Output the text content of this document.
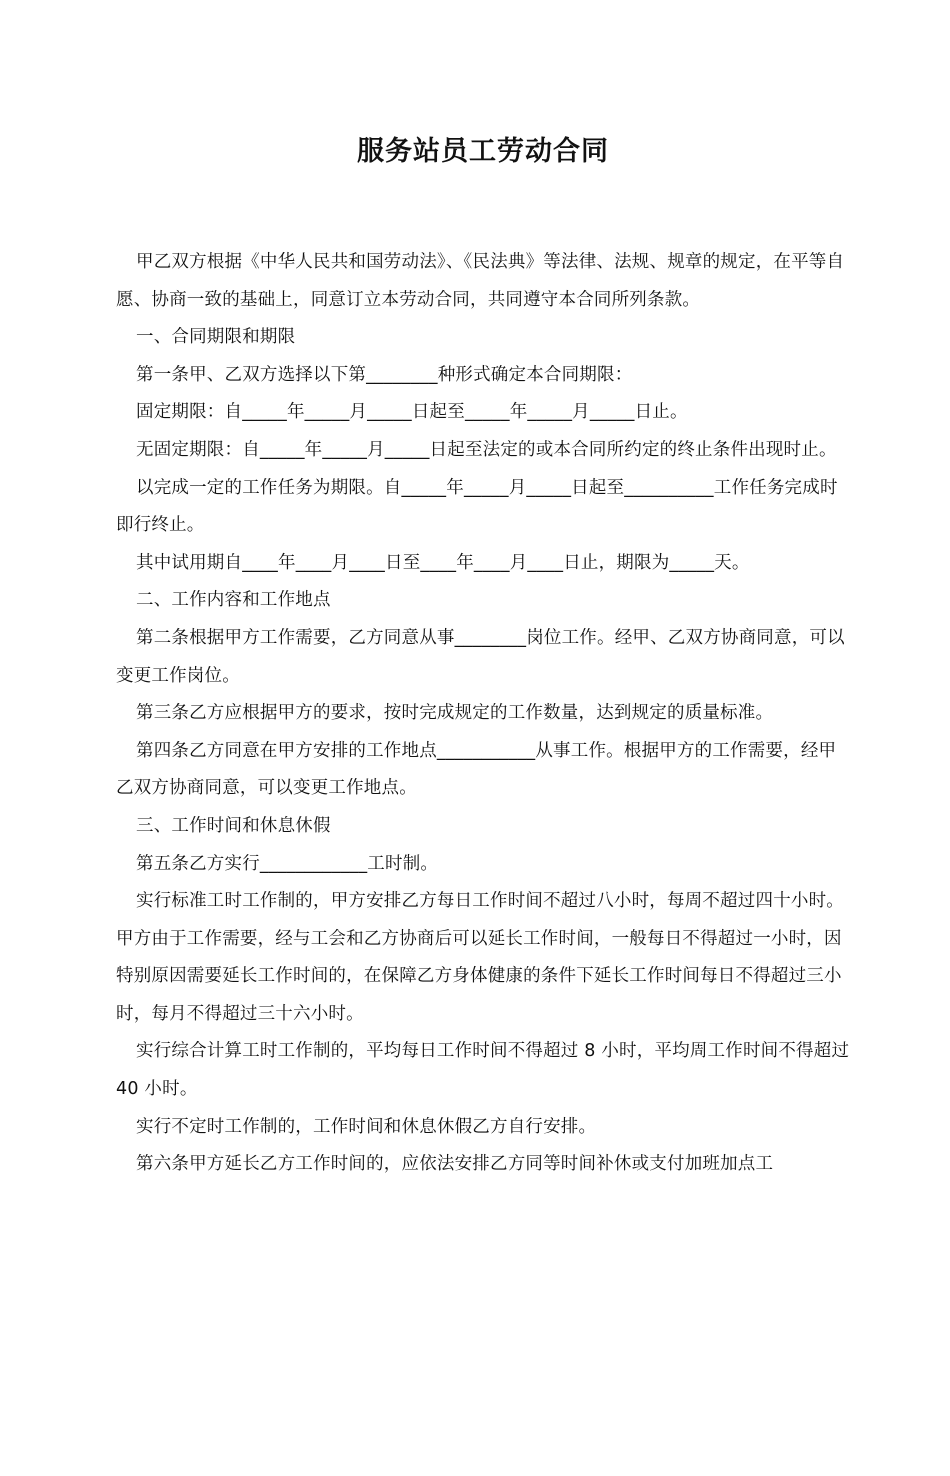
服务站员工劳动合同

甲乙双方根据《中华人民共和国劳动法》、《民法典》等法律、法规、规章的规定，在平等自愿、协商一致的基础上，同意订立本劳动合同，共同遵守本合同所列条款。

一、合同期限和期限

第一条甲、乙双方选择以下第________种形式确定本合同期限：

固定期限：自_____年_____月_____日起至_____年_____月_____日止。

无固定期限：自_____年_____月_____日起至法定的或本合同所约定的终止条件出现时止。

以完成一定的工作任务为期限。自_____年_____月_____日起至__________工作任务完成时即行终止。

其中试用期自____年____月____日至____年____月____日止，期限为_____天。

二、工作内容和工作地点

第二条根据甲方工作需要，乙方同意从事________岗位工作。经甲、乙双方协商同意，可以变更工作岗位。

第三条乙方应根据甲方的要求，按时完成规定的工作数量，达到规定的质量标准。

第四条乙方同意在甲方安排的工作地点___________从事工作。根据甲方的工作需要，经甲乙双方协商同意，可以变更工作地点。

三、工作时间和休息休假

第五条乙方实行____________工时制。

实行标准工时工作制的，甲方安排乙方每日工作时间不超过八小时，每周不超过四十小时。甲方由于工作需要，经与工会和乙方协商后可以延长工作时间，一般每日不得超过一小时，因特别原因需要延长工作时间的，在保障乙方身体健康的条件下延长工作时间每日不得超过三小时，每月不得超过三十六小时。

实行综合计算工时工作制的，平均每日工作时间不得超过 8 小时，平均周工作时间不得超过 40 小时。

实行不定时工作制的，工作时间和休息休假乙方自行安排。

第六条甲方延长乙方工作时间的，应依法安排乙方同等时间补休或支付加班加点工
